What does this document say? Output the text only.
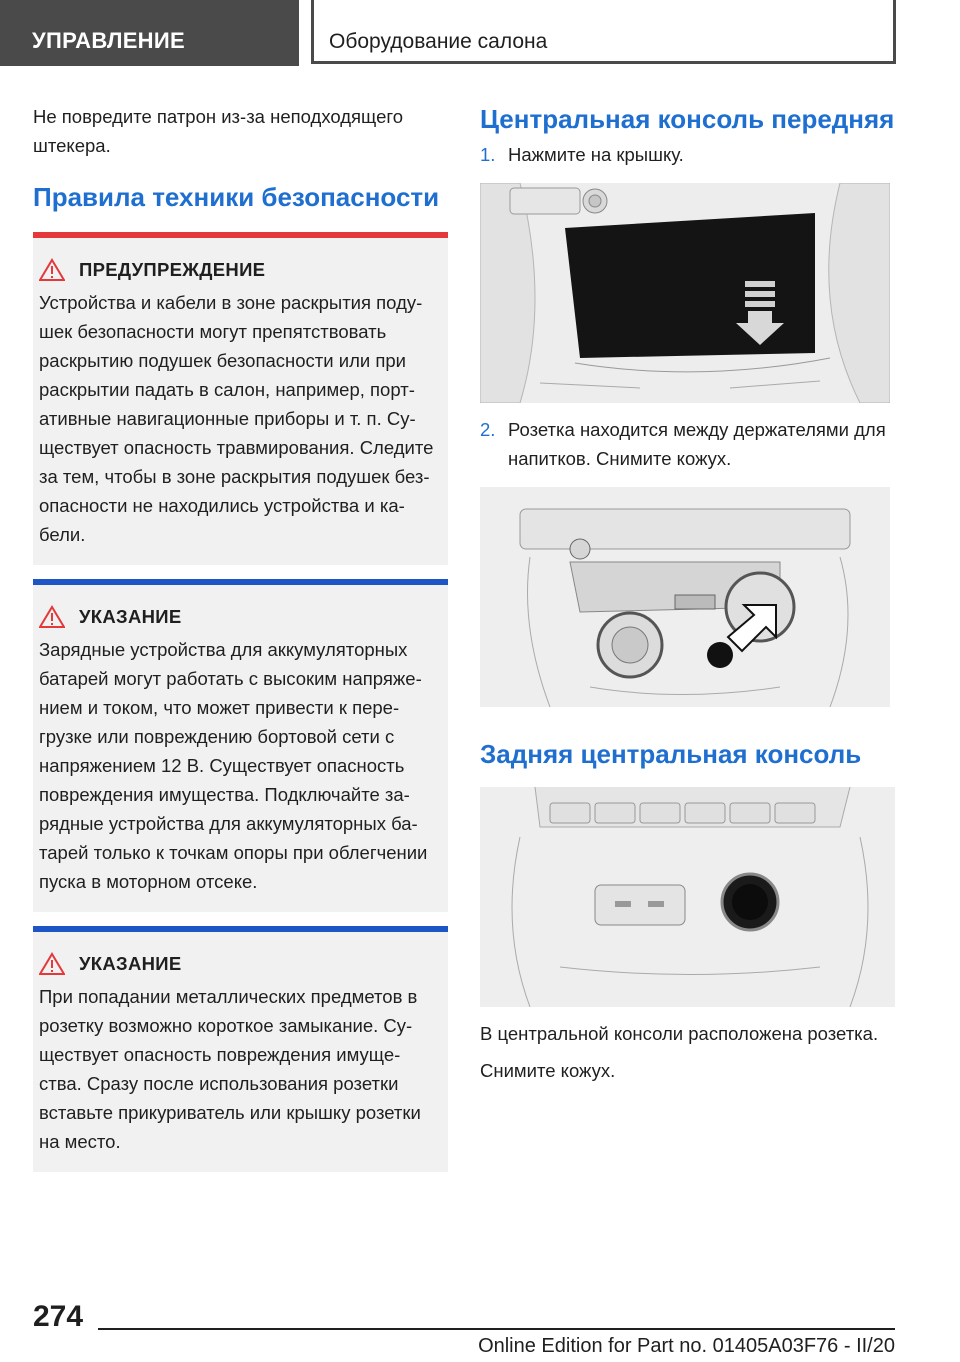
УПРАВЛЕНИЕ	Оборудование салона

Не повредите патрон из-за неподходящего
штекера.

Правила техники безопасности
ПРЕДУПРЕЖДЕНИЕ

Устройства и кабели в зоне раскрытия поду-
шек безопасности могут препятствовать
раскрытию подушек безопасности или при
раскрытии падать в салон, например, порт-
ативные навигационные приборы и т. п. Су-
ществует опасность травмирования. Следите
за тем, чтобы в зоне раскрытия подушек без-
опасности не находились устройства и ка-
бели.

УКАЗАНИЕ

Зарядные устройства для аккумуляторных
батарей могут работать с высоким напряже-
нием и током, что может привести к пере-
грузке или повреждению бортовой сети с
напряжением 12 В. Существует опасность
повреждения имущества. Подключайте за-
рядные устройства для аккумуляторных ба-
тарей только к точкам опоры при облегчении
пуска в моторном отсеке.

УКАЗАНИЕ

При попадании металлических предметов в
розетку возможно короткое замыкание. Су-
ществует опасность повреждения имуще-
ства. Сразу после использования розетки
вставьте прикуриватель или крышку розетки
на место.

Центральная консоль передняя
1. Нажмите на крышку.
2. Розетка находится между держателями для
напитков. Снимите кожух.
Задняя центральная консоль

В центральной консоли расположена розетка.

Снимите кожух.

274
Online Edition for Part no. 01405A03F76 - II/20
